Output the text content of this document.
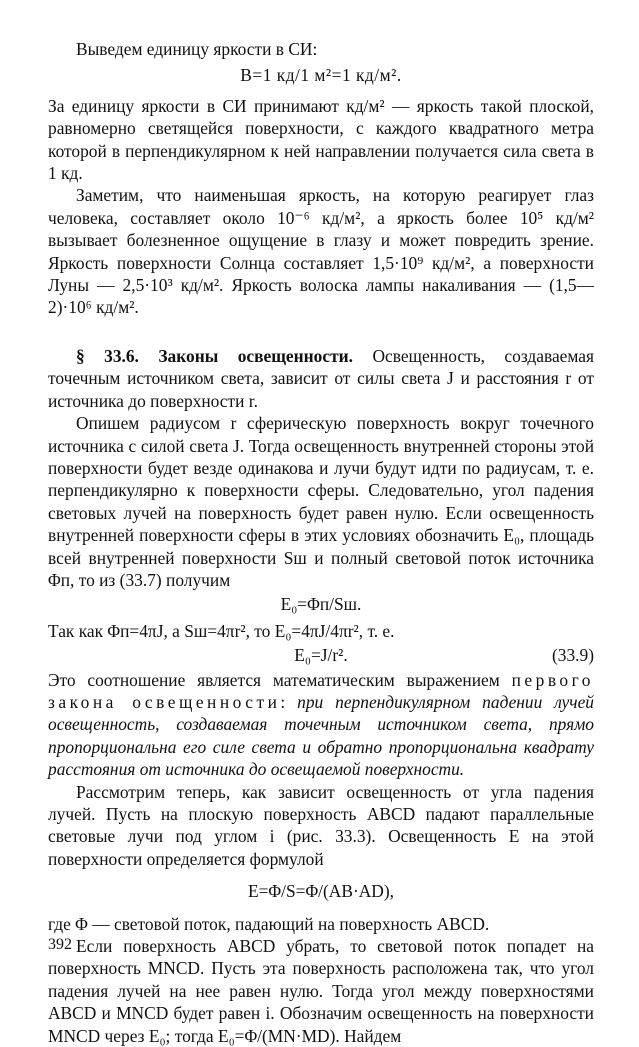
Выведем единицу яркости в СИ:

B=1 кд/1 м²=1 кд/м².

За единицу яркости в СИ принимают кд/м² — яркость такой плоской, равномерно светящейся поверхности, с каждого квадратного метра которой в перпендикулярном к ней направлении получается сила света в 1 кд.

Заметим, что наименьшая яркость, на которую реагирует глаз человека, составляет около 10⁻⁶ кд/м², а яркость более 10⁵ кд/м² вызывает болезненное ощущение в глазу и может повредить зрение. Яркость поверхности Солнца составляет 1,5·10⁹ кд/м², а поверхности Луны — 2,5·10³ кд/м². Яркость волоска лампы накаливания — (1,5—2)·10⁶ кд/м².

§ 33.6. Законы освещенности. Освещенность, создаваемая точечным источником света, зависит от силы света J и расстояния r от источника до поверхности r.

Опишем радиусом r сферическую поверхность вокруг точечного источника с силой света J. Тогда освещенность внутренней стороны этой поверхности будет везде одинакова и лучи будут идти по радиусам, т. е. перпендикулярно к поверхности сферы. Следовательно, угол падения световых лучей на поверхность будет равен нулю. Если освещенность внутренней поверхности сферы в этих условиях обозначить E₀, площадь всей внутренней поверхности Sш и полный световой поток источника Φп, то из (33.7) получим

E₀=Φп/Sш.

Так как Φп=4πJ, а Sш=4πr², то E₀=4πJ/4πr², т. е.

E₀=J/r².	(33.9)

Это соотношение является математическим выражением первого закона освещенности: при перпендикулярном падении лучей освещенность, создаваемая точечным источником света, прямо пропорциональна его силе света и обратно пропорциональна квадрату расстояния от источника до освещаемой поверхности.

Рассмотрим теперь, как зависит освещенность от угла падения лучей. Пусть на плоскую поверхность ABCD падают параллельные световые лучи под углом i (рис. 33.3). Освещенность E на этой поверхности определяется формулой

E=Φ/S=Φ/(AB·AD),

где Φ — световой поток, падающий на поверхность ABCD.

Если поверхность ABCD убрать, то световой поток попадет на поверхность MNCD. Пусть эта поверхность расположена так, что угол падения лучей на нее равен нулю. Тогда угол между поверхностями ABCD и MNCD будет равен i. Обозначим освещенность на поверхности MNCD через E₀; тогда E₀=Φ/(MN·MD). Найдем

392
